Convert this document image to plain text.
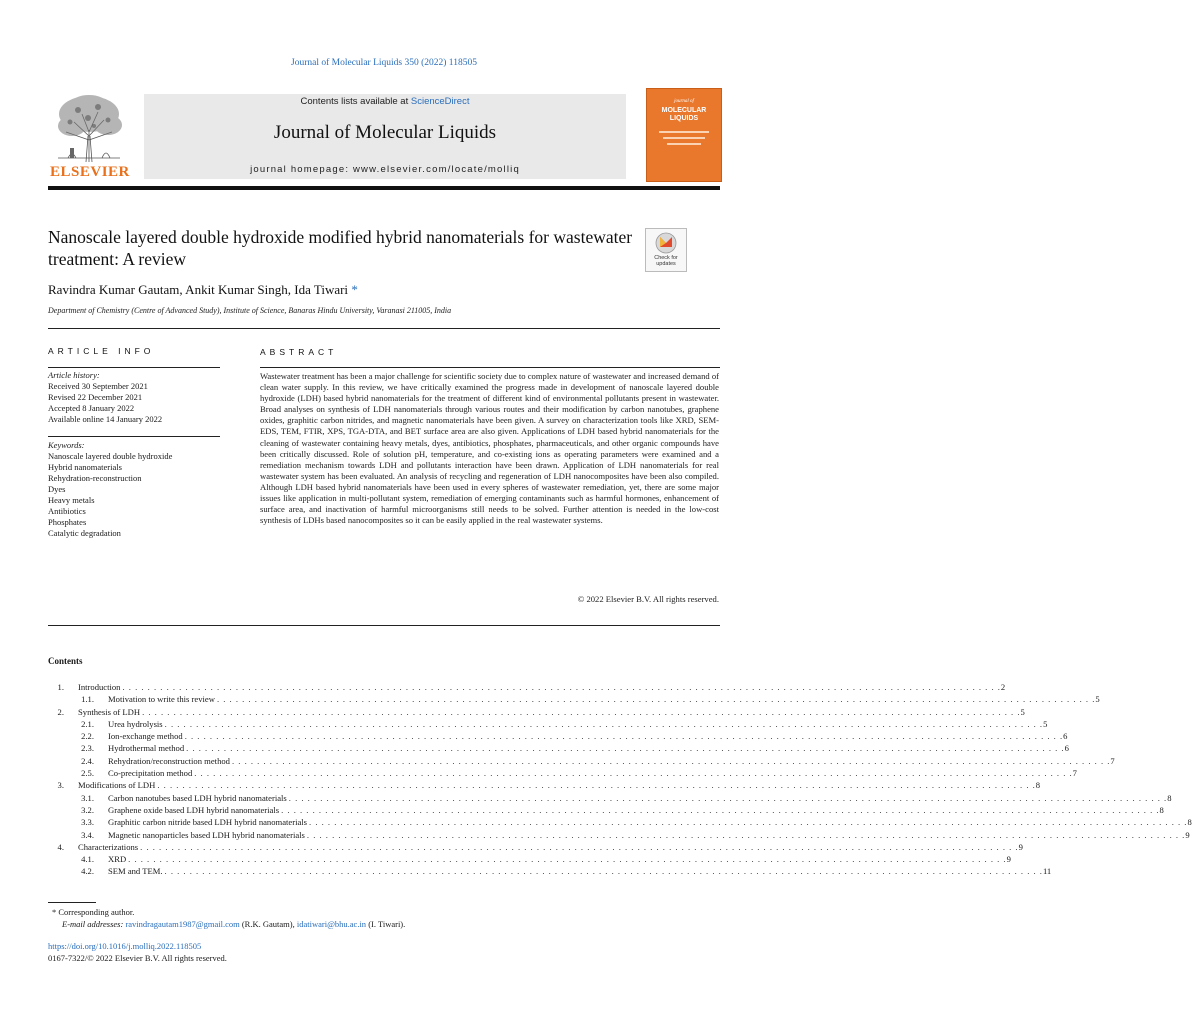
Journal of Molecular Liquids 350 (2022) 118505
ELSEVIER
Contents lists available at ScienceDirect
Journal of Molecular Liquids
journal homepage: www.elsevier.com/locate/molliq
journal of
MOLECULAR LIQUIDS
Nanoscale layered double hydroxide modified hybrid nanomaterials for wastewater treatment: A review	Check for updates
Ravindra Kumar Gautam, Ankit Kumar Singh, Ida Tiwari *
Department of Chemistry (Centre of Advanced Study), Institute of Science, Banaras Hindu University, Varanasi 211005, India
ARTICLE INFO	ABSTRACT
Article history:
Received 30 September 2021
Revised 22 December 2021
Accepted 8 January 2022
Available online 14 January 2022
Keywords:
Nanoscale layered double hydroxide
Hybrid nanomaterials
Rehydration-reconstruction
Dyes
Heavy metals
Antibiotics
Phosphates
Catalytic degradation
Wastewater treatment has been a major challenge for scientific society due to complex nature of wastewater and increased demand of clean water supply. In this review, we have critically examined the progress made in development of nanoscale layered double hydroxide (LDH) based hybrid nanomaterials for the treatment of different kind of environmental pollutants present in wastewater. Broad analyses on synthesis of LDH nanomaterials through various routes and their modification by carbon nanotubes, graphene oxides, graphitic carbon nitrides, and magnetic nanomaterials have been given. A survey on characterization tools like XRD, SEM-EDS, TEM, FTIR, XPS, TGA-DTA, and BET surface area are also given. Applications of LDH based hybrid nanomaterials for the cleaning of wastewater containing heavy metals, dyes, antibiotics, phosphates, pharmaceuticals, and other organic compounds have been critically discussed. Role of solution pH, temperature, and co-existing ions as operating parameters were examined and a remediation mechanism towards LDH and pollutants interaction have been drawn. Application of LDH nanomaterials for real wastewater system has been evaluated. An analysis of recycling and regeneration of LDH nanocomposites have been also compiled. Although LDH based hybrid nanomaterials have been used in every spheres of wastewater remediation, yet, there are some major issues like application in multi-pollutant system, remediation of emerging contaminants such as harmful hormones, enhancement of surface area, and inactivation of harmful microorganisms still needs to be solved. Further attention is needed in the low-cost synthesis of LDHs based nanocomposites so it can be easily applied in the real wastewater systems.
© 2022 Elsevier B.V. All rights reserved.
Contents
1. Introduction . . . . . . . . . . . . . . . . . . . . . . . . . . . . . . . . . . . . . . . . . . . . . . . . . . . . . . . . . . . . . . . . . . . . . . . . . . . . . . . . . . . . . . . . . . . . . . . . . . . . . . . . . . . . . . . . . . . . . . . . . . . . . . . . . . . . . . . . . . . . 2
1.1. Motivation to write this review . . . . . . . . . . . . . . . . . . . . . . . . . . . . . . . . . . . . . . . . . . . . . . . . . . . . . . . . . . . . . . . . . . . . . . . . . . . . . . . . . . . . . . . . . . . . . . . . . . . . . . . . . . . . . . . . . . . . . . . . . . . . . . . . . . . . . . . . . . . . 5
2. Synthesis of LDH . . . . . . . . . . . . . . . . . . . . . . . . . . . . . . . . . . . . . . . . . . . . . . . . . . . . . . . . . . . . . . . . . . . . . . . . . . . . . . . . . . . . . . . . . . . . . . . . . . . . . . . . . . . . . . . . . . . . . . . . . . . . . . . . . . . . . . . . . . . . 5
2.1. Urea hydrolysis . . . . . . . . . . . . . . . . . . . . . . . . . . . . . . . . . . . . . . . . . . . . . . . . . . . . . . . . . . . . . . . . . . . . . . . . . . . . . . . . . . . . . . . . . . . . . . . . . . . . . . . . . . . . . . . . . . . . . . . . . . . . . . . . . . . . . . . . . . . . 5
2.2. Ion-exchange method . . . . . . . . . . . . . . . . . . . . . . . . . . . . . . . . . . . . . . . . . . . . . . . . . . . . . . . . . . . . . . . . . . . . . . . . . . . . . . . . . . . . . . . . . . . . . . . . . . . . . . . . . . . . . . . . . . . . . . . . . . . . . . . . . . . . . . . . . . . . 6
2.3. Hydrothermal method . . . . . . . . . . . . . . . . . . . . . . . . . . . . . . . . . . . . . . . . . . . . . . . . . . . . . . . . . . . . . . . . . . . . . . . . . . . . . . . . . . . . . . . . . . . . . . . . . . . . . . . . . . . . . . . . . . . . . . . . . . . . . . . . . . . . . . . . . . . . 6
2.4. Rehydration/reconstruction method . . . . . . . . . . . . . . . . . . . . . . . . . . . . . . . . . . . . . . . . . . . . . . . . . . . . . . . . . . . . . . . . . . . . . . . . . . . . . . . . . . . . . . . . . . . . . . . . . . . . . . . . . . . . . . . . . . . . . . . . . . . . . . . . . . . . . . . . . . . . 7
2.5. Co-precipitation method . . . . . . . . . . . . . . . . . . . . . . . . . . . . . . . . . . . . . . . . . . . . . . . . . . . . . . . . . . . . . . . . . . . . . . . . . . . . . . . . . . . . . . . . . . . . . . . . . . . . . . . . . . . . . . . . . . . . . . . . . . . . . . . . . . . . . . . . . . . . 7
3. Modifications of LDH . . . . . . . . . . . . . . . . . . . . . . . . . . . . . . . . . . . . . . . . . . . . . . . . . . . . . . . . . . . . . . . . . . . . . . . . . . . . . . . . . . . . . . . . . . . . . . . . . . . . . . . . . . . . . . . . . . . . . . . . . . . . . . . . . . . . . . . . . . . . 8
3.1. Carbon nanotubes based LDH hybrid nanomaterials . . . . . . . . . . . . . . . . . . . . . . . . . . . . . . . . . . . . . . . . . . . . . . . . . . . . . . . . . . . . . . . . . . . . . . . . . . . . . . . . . . . . . . . . . . . . . . . . . . . . . . . . . . . . . . . . . . . . . . . . . . . . . . . . . . . . . . . . . . . . 8
3.2. Graphene oxide based LDH hybrid nanomaterials . . . . . . . . . . . . . . . . . . . . . . . . . . . . . . . . . . . . . . . . . . . . . . . . . . . . . . . . . . . . . . . . . . . . . . . . . . . . . . . . . . . . . . . . . . . . . . . . . . . . . . . . . . . . . . . . . . . . . . . . . . . . . . . . . . . . . . . . . . . . 8
3.3. Graphitic carbon nitride based LDH hybrid nanomaterials . . . . . . . . . . . . . . . . . . . . . . . . . . . . . . . . . . . . . . . . . . . . . . . . . . . . . . . . . . . . . . . . . . . . . . . . . . . . . . . . . . . . . . . . . . . . . . . . . . . . . . . . . . . . . . . . . . . . . . . . . . . . . . . . . . . . . . . . . . . . 8
3.4. Magnetic nanoparticles based LDH hybrid nanomaterials . . . . . . . . . . . . . . . . . . . . . . . . . . . . . . . . . . . . . . . . . . . . . . . . . . . . . . . . . . . . . . . . . . . . . . . . . . . . . . . . . . . . . . . . . . . . . . . . . . . . . . . . . . . . . . . . . . . . . . . . . . . . . . . . . . . . . . . . . . . . 9
4. Characterizations . . . . . . . . . . . . . . . . . . . . . . . . . . . . . . . . . . . . . . . . . . . . . . . . . . . . . . . . . . . . . . . . . . . . . . . . . . . . . . . . . . . . . . . . . . . . . . . . . . . . . . . . . . . . . . . . . . . . . . . . . . . . . . . . . . . . . . . . . . . . 9
4.1. XRD . . . . . . . . . . . . . . . . . . . . . . . . . . . . . . . . . . . . . . . . . . . . . . . . . . . . . . . . . . . . . . . . . . . . . . . . . . . . . . . . . . . . . . . . . . . . . . . . . . . . . . . . . . . . . . . . . . . . . . . . . . . . . . . . . . . . . . . . . . . . 9
4.2. SEM and TEM. . . . . . . . . . . . . . . . . . . . . . . . . . . . . . . . . . . . . . . . . . . . . . . . . . . . . . . . . . . . . . . . . . . . . . . . . . . . . . . . . . . . . . . . . . . . . . . . . . . . . . . . . . . . . . . . . . . . . . . . . . . . . . . . . . . . . . . . . . . . . 11
* Corresponding author.
E-mail addresses: ravindragautam1987@gmail.com (R.K. Gautam), idatiwari@bhu.ac.in (I. Tiwari).
https://doi.org/10.1016/j.molliq.2022.118505
0167-7322/© 2022 Elsevier B.V. All rights reserved.
